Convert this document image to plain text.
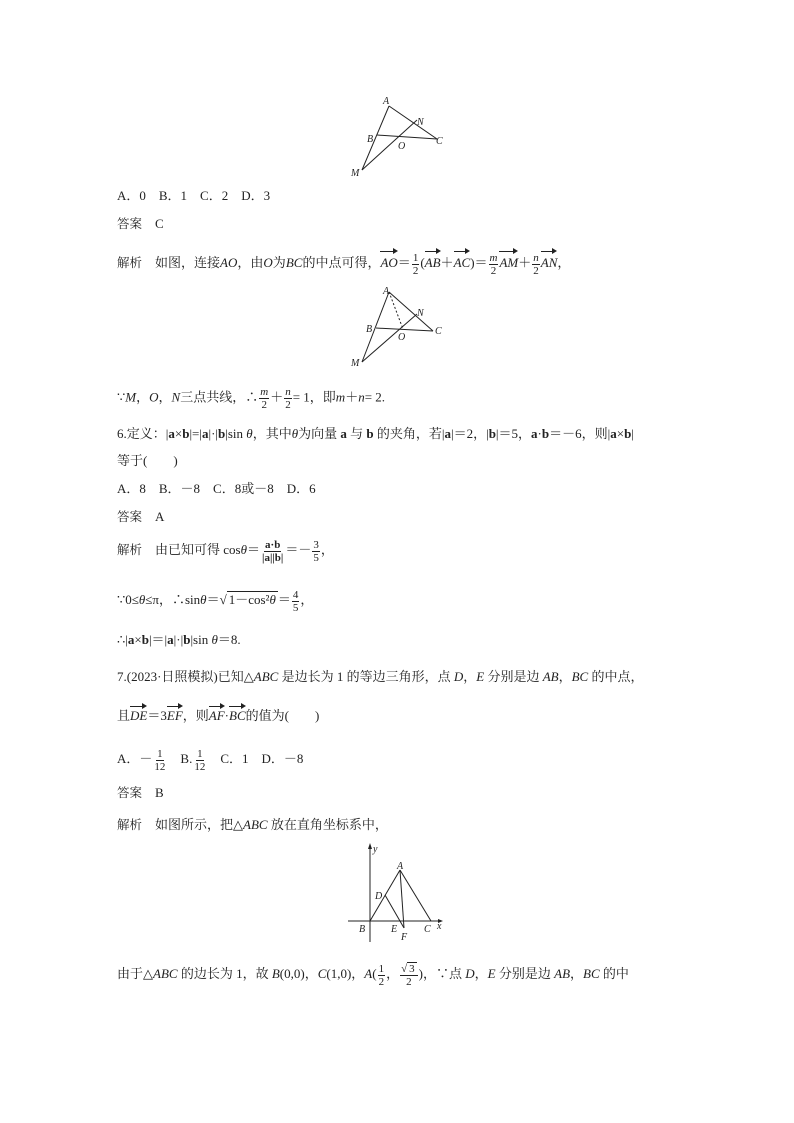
A
B
N
C
O
M
A．0　B．1　C．2　D．3
答案　 C
解析　 如图，连接AO，由O为BC的中点可得，$AO= \frac{1}{2} (AB+AC)= \frac{m}{2} AM+ \frac{n}{2}$ AN，
A
B
N
C
O
M
∵M，O，N三点共线，∴ $\frac{m}{2} + \frac{n}{2} = 1$，即m＋n= 2.
6.定义：|a×b|=|a|·|b|sin θ，其中θ为向量 a 与 b 的夹角，若|a|＝2，|b|＝5，a·b＝－6，则|a×b|
等于(　　)
A．8　B．－8　C．8或－8　D．6
答案　 A
解析　 由已知可得 $\cos\theta= \frac{a\cdot b}{|a||b|} =- \frac{3}{5}$ ，
∵0≤θ≤π，∴sinθ＝√ $1-\cos^2\theta = \frac{4}{5}$ ，
∴|a×b|＝|a|·|b|sin θ＝8.
7.(2023·日照模拟)已知△ABC 是边长为 1 的等边三角形，点 D，E 分别是边 AB，BC 的中点，
且DE＝3EF，则AF·BC的值为(　　)
A．－ $\frac{1}{12}$
　 B. $\frac{1}{12}$
　 C．1　D．－8
答案　 B
解析　 如图所示，把△ABC 放在直角坐标系中，
y
A
D
B	E
F
C x
由于△ABC 的边长为 1，故 B(0,0)，C(1,0)，$A( \frac{1}{2}$ ， $\frac{√ 3}{2}$ )，∵点 D，E 分别是边 AB，BC 的中
